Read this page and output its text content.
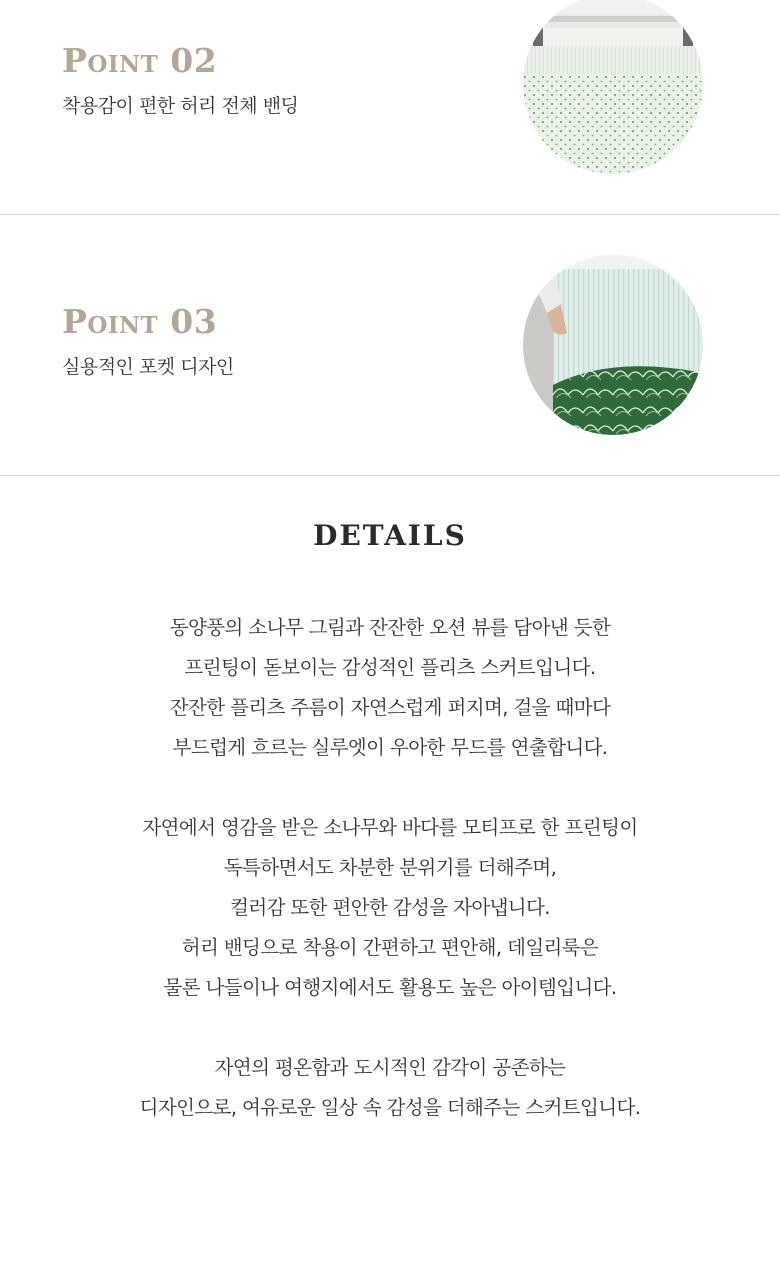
Point 02

착용감이 편한 허리 전체 밴딩

Point 03

실용적인 포켓 디자인

DETAILS
동양풍의 소나무 그림과 잔잔한 오션 뷰를 담아낸 듯한
프린팅이 돋보이는 감성적인 플리츠 스커트입니다.
잔잔한 플리츠 주름이 자연스럽게 퍼지며, 걸을 때마다
부드럽게 흐르는 실루엣이 우아한 무드를 연출합니다.
자연에서 영감을 받은 소나무와 바다를 모티프로 한 프린팅이
독특하면서도 차분한 분위기를 더해주며,
컬러감 또한 편안한 감성을 자아냅니다.
허리 밴딩으로 착용이 간편하고 편안해, 데일리룩은
물론 나들이나 여행지에서도 활용도 높은 아이템입니다.
자연의 평온함과 도시적인 감각이 공존하는
디자인으로, 여유로운 일상 속 감성을 더해주는 스커트입니다.
